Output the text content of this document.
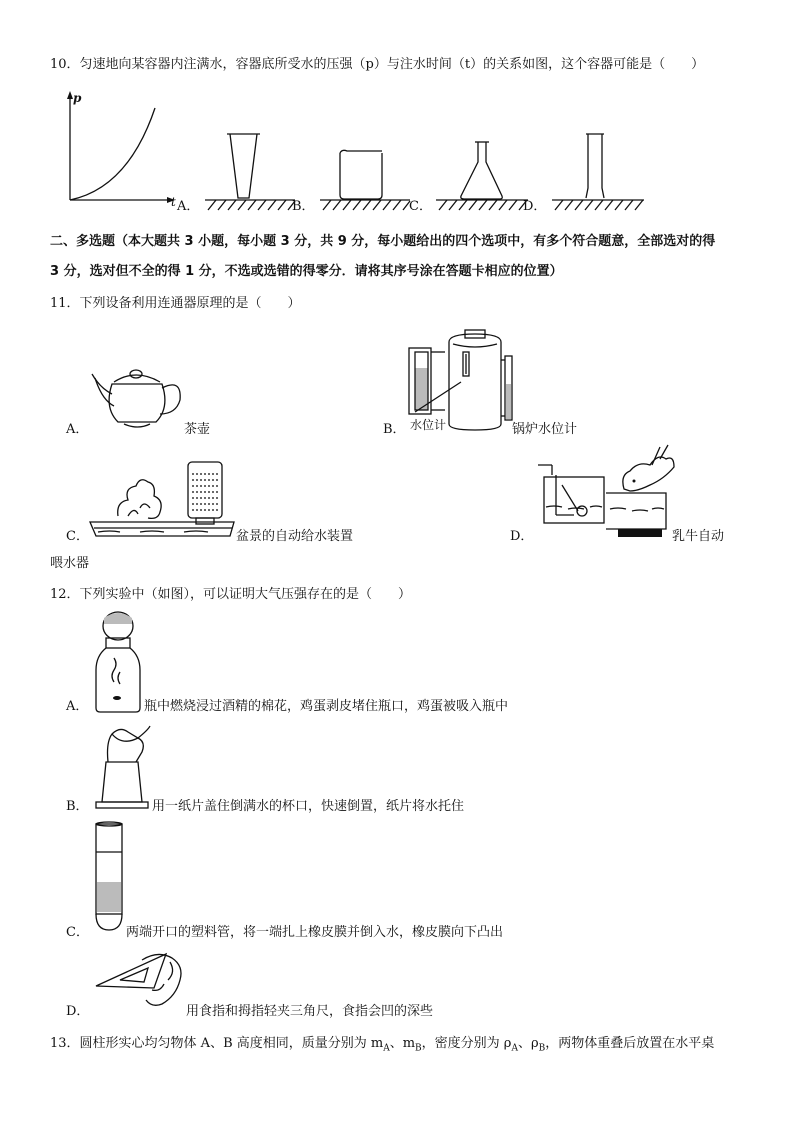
10．匀速地向某容器内注满水，容器底所受水的压强（p）与注水时间（t）的关系如图，这个容器可能是（　　）
p
t A．	B．	C．	D．
二、多选题（本大题共 3 小题，每小题 3 分，共 9 分，每小题给出的四个选项中，有多个符合题意，全部选对的得
3 分，选对但不全的得 1 分，不选或选错的得零分．请将其序号涂在答题卡相应的位置）
11．下列设备利用连通器原理的是（　　）
A．	茶壶	B． 水位计	锅炉水位计
C．	盆景的自动给水装置	D．	乳牛自动
喂水器
12．下列实验中（如图），可以证明大气压强存在的是（　　）
A．	瓶中燃烧浸过酒精的棉花，鸡蛋剥皮堵住瓶口，鸡蛋被吸入瓶中
B．	用一纸片盖住倒满水的杯口，快速倒置，纸片将水托住
C．	两端开口的塑料管，将一端扎上橡皮膜并倒入水，橡皮膜向下凸出
D．	用食指和拇指轻夹三角尺，食指会凹的深些
13．圆柱形实心均匀物体 A、B 高度相同，质量分别为 $m_A$、$m_B$，密度分别为 $\rho_A$、$\rho_B$，两物体重叠后放置在水平桌
